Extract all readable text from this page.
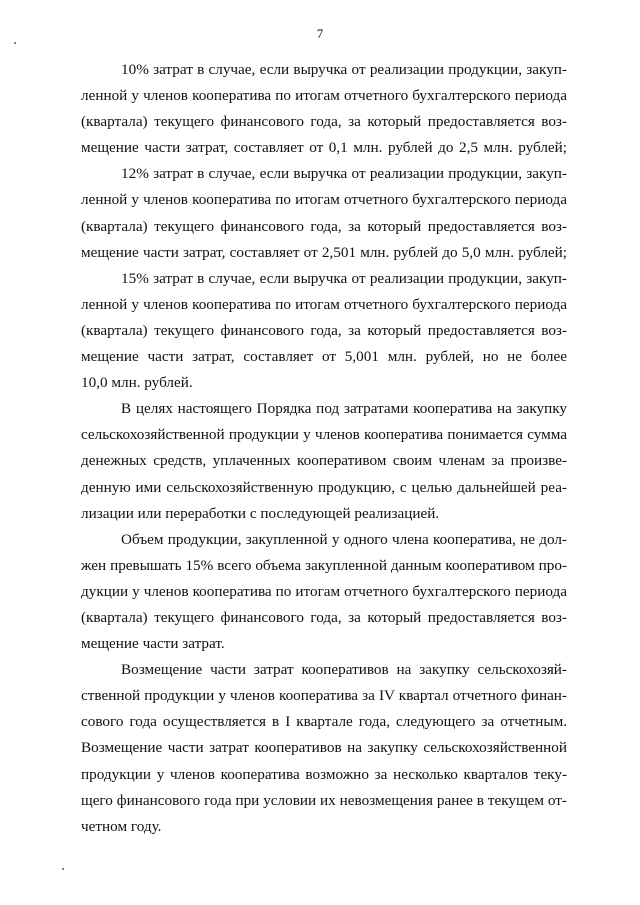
7

10% затрат в случае, если выручка от реализации продукции, закуп-
ленной у членов кооператива по итогам отчетного бухгалтерского периода
(квартала) текущего финансового года, за который предоставляется воз-
мещение части затрат, составляет от 0,1 млн. рублей до 2,5 млн. рублей;

12% затрат в случае, если выручка от реализации продукции, закуп-
ленной у членов кооператива по итогам отчетного бухгалтерского периода
(квартала) текущего финансового года, за который предоставляется воз-
мещение части затрат, составляет от 2,501 млн. рублей до 5,0 млн. рублей;

15% затрат в случае, если выручка от реализации продукции, закуп-
ленной у членов кооператива по итогам отчетного бухгалтерского периода
(квартала) текущего финансового года, за который предоставляется воз-
мещение части затрат, составляет от 5,001 млн. рублей, но не более
10,0 млн. рублей.

В целях настоящего Порядка под затратами кооператива на закупку
сельскохозяйственной продукции у членов кооператива понимается сумма
денежных средств, уплаченных кооперативом своим членам за произве-
денную ими сельскохозяйственную продукцию, с целью дальнейшей реа-
лизации или переработки с последующей реализацией.

Объем продукции, закупленной у одного члена кооператива, не дол-
жен превышать 15% всего объема закупленной данным кооперативом про-
дукции у членов кооператива по итогам отчетного бухгалтерского периода
(квартала) текущего финансового года, за который предоставляется воз-
мещение части затрат.

Возмещение части затрат кооперативов на закупку сельскохозяй-
ственной продукции у членов кооператива за IV квартал отчетного финан-
сового года осуществляется в I квартале года, следующего за отчетным.
Возмещение части затрат кооперативов на закупку сельскохозяйственной
продукции у членов кооператива возможно за несколько кварталов теку-
щего финансового года при условии их невозмещения ранее в текущем от-
четном году.
